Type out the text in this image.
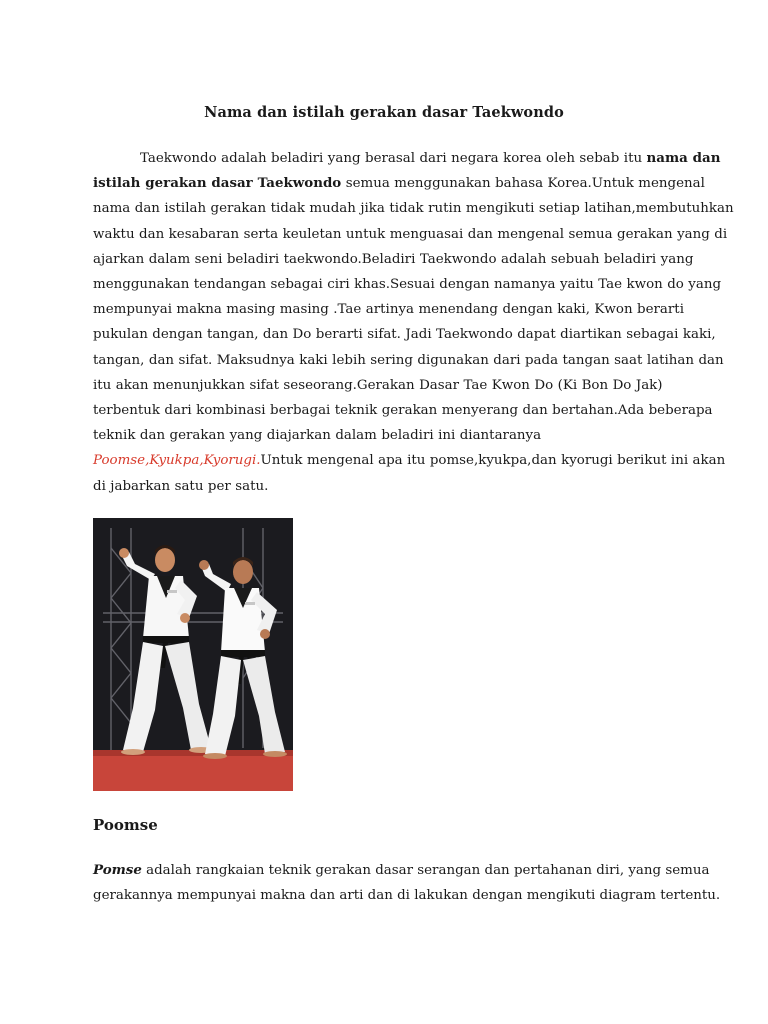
Nama dan istilah gerakan dasar Taekwondo

Taekwondo adalah beladiri yang berasal dari negara korea oleh sebab itu nama dan

istilah gerakan dasar Taekwondo semua menggunakan bahasa Korea.Untuk mengenal
nama dan istilah gerakan tidak mudah jika tidak rutin mengikuti setiap latihan,membutuhkan
waktu dan kesabaran serta keuletan untuk menguasai dan mengenal semua gerakan yang di
ajarkan dalam seni beladiri taekwondo.Beladiri Taekwondo adalah sebuah beladiri yang
menggunakan tendangan sebagai ciri khas.Sesuai dengan namanya yaitu Tae kwon do yang
mempunyai makna masing masing .Tae artinya menendang dengan kaki, Kwon berarti
pukulan dengan tangan, dan Do berarti sifat. Jadi Taekwondo dapat diartikan sebagai kaki,
tangan, dan sifat. Maksudnya kaki lebih sering digunakan dari pada tangan saat latihan dan
itu akan menunjukkan sifat seseorang.Gerakan Dasar Tae Kwon Do (Ki Bon Do Jak)
terbentuk dari kombinasi berbagai teknik gerakan menyerang dan bertahan.Ada beberapa
teknik dan gerakan yang diajarkan dalam beladiri ini diantaranya
Poomse,Kyukpa,Kyorugi.Untuk mengenal apa itu pomse,kyukpa,dan kyorugi berikut ini akan
di jabarkan satu per satu.
Poomse
Pomse adalah rangkaian teknik gerakan dasar serangan dan pertahanan diri, yang semua
gerakannya mempunyai makna dan arti dan di lakukan dengan mengikuti diagram tertentu.
